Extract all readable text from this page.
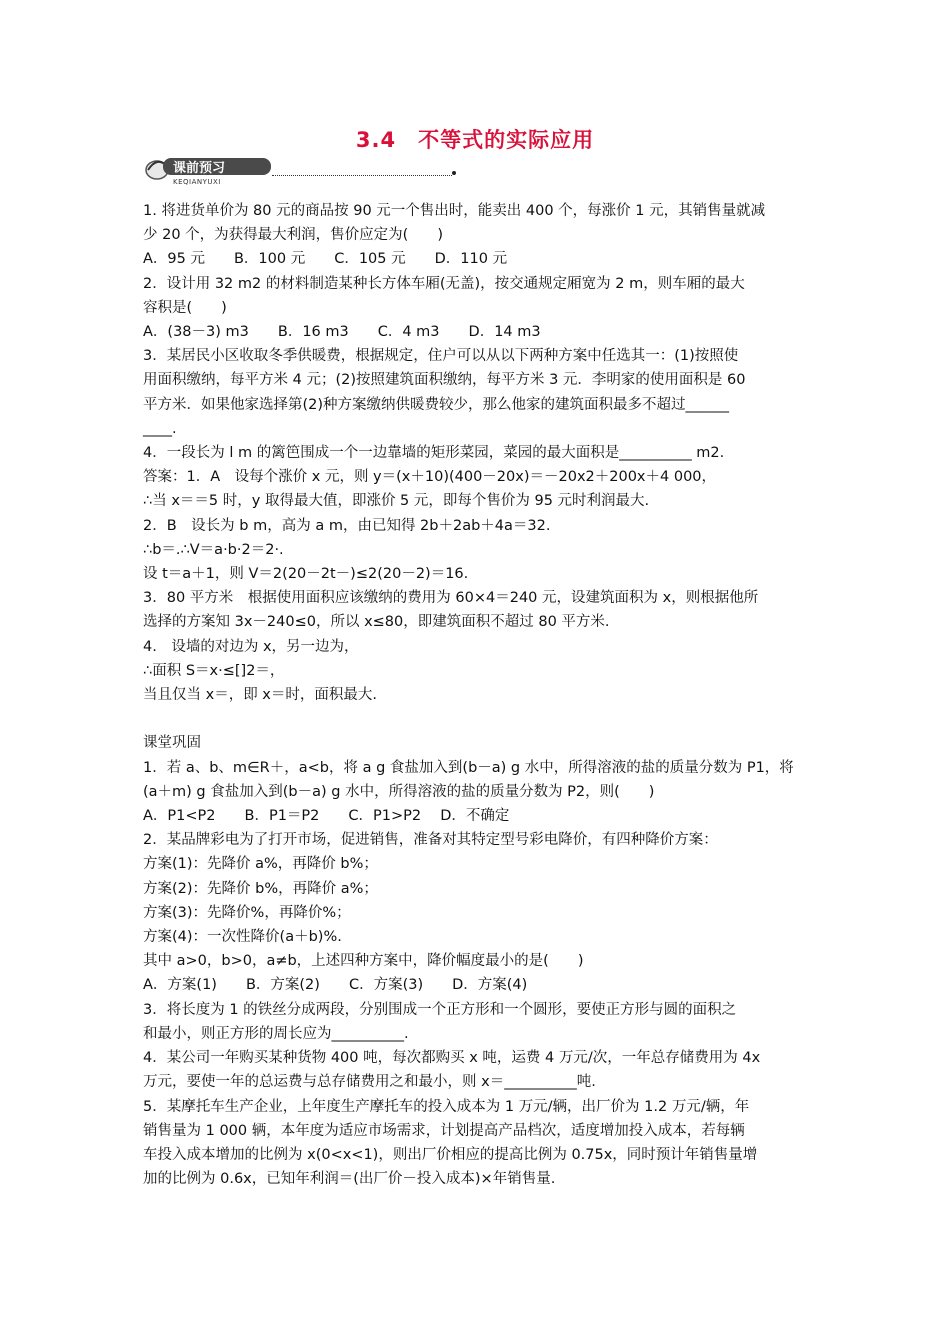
3.4　不等式的实际应用
课前预习
KEQIANYUXI

1. 将进货单价为 80 元的商品按 90 元一个售出时，能卖出 400 个，每涨价 1 元，其销售量就减

少 20 个，为获得最大利润，售价应定为(　　)

A．95 元　　B．100 元　　C．105 元　　D．110 元

2．设计用 32 m2 的材料制造某种长方体车厢(无盖)，按交通规定厢宽为 2 m，则车厢的最大

容积是(　　)

A．(38－3) m3　　B．16 m3　　C．4 m3　　D．14 m3

3．某居民小区收取冬季供暖费，根据规定，住户可以从以下两种方案中任选其一：(1)按照使

用面积缴纳，每平方米 4 元；(2)按照建筑面积缴纳，每平方米 3 元．李明家的使用面积是 60

平方米．如果他家选择第(2)种方案缴纳供暖费较少，那么他家的建筑面积最多不超过______

____.

4．一段长为 l m 的篱笆围成一个一边靠墙的矩形菜园，菜园的最大面积是__________ m2.

答案：1．A　设每个涨价 x 元，则 y＝(x＋10)(400－20x)＝－20x2＋200x＋4 000，

∴当 x＝＝5 时，y 取得最大值，即涨价 5 元，即每个售价为 95 元时利润最大.

2．B　设长为 b m，高为 a m，由已知得 2b＋2ab＋4a＝32.

∴b＝.∴V＝a·b·2＝2·.

设 t＝a＋1，则 V＝2(20－2t－)≤2(20－2)＝16.

3．80 平方米　根据使用面积应该缴纳的费用为 60×4＝240 元，设建筑面积为 x，则根据他所

选择的方案知 3x－240≤0，所以 x≤80，即建筑面积不超过 80 平方米.

4.　设墙的对边为 x，另一边为，

∴面积 S＝x·≤[]2＝，

当且仅当 x＝，即 x＝时，面积最大.

课堂巩固

1．若 a、b、m∈R＋，a<b，将 a g 食盐加入到(b－a) g 水中，所得溶液的盐的质量分数为 P1，将

(a＋m) g 食盐加入到(b－a) g 水中，所得溶液的盐的质量分数为 P2，则(　　)

A．P1<P2　　B．P1＝P2　　C．P1>P2　 D．不确定

2．某品牌彩电为了打开市场，促进销售，准备对其特定型号彩电降价，有四种降价方案：

方案(1)：先降价 a%，再降价 b%；

方案(2)：先降价 b%，再降价 a%；

方案(3)：先降价%，再降价%；

方案(4)：一次性降价(a＋b)%.

其中 a>0，b>0，a≠b，上述四种方案中，降价幅度最小的是(　　)

A．方案(1)　　B．方案(2)　　C．方案(3)　　D．方案(4)

3．将长度为 1 的铁丝分成两段，分别围成一个正方形和一个圆形，要使正方形与圆的面积之

和最小，则正方形的周长应为__________.

4．某公司一年购买某种货物 400 吨，每次都购买 x 吨，运费 4 万元/次，一年总存储费用为 4x

万元，要使一年的总运费与总存储费用之和最小，则 x＝__________吨.

5．某摩托车生产企业，上年度生产摩托车的投入成本为 1 万元/辆，出厂价为 1.2 万元/辆，年

销售量为 1 000 辆，本年度为适应市场需求，计划提高产品档次，适度增加投入成本，若每辆

车投入成本增加的比例为 x(0<x<1)，则出厂价相应的提高比例为 0.75x，同时预计年销售量增

加的比例为 0.6x，已知年利润＝(出厂价－投入成本)×年销售量.
